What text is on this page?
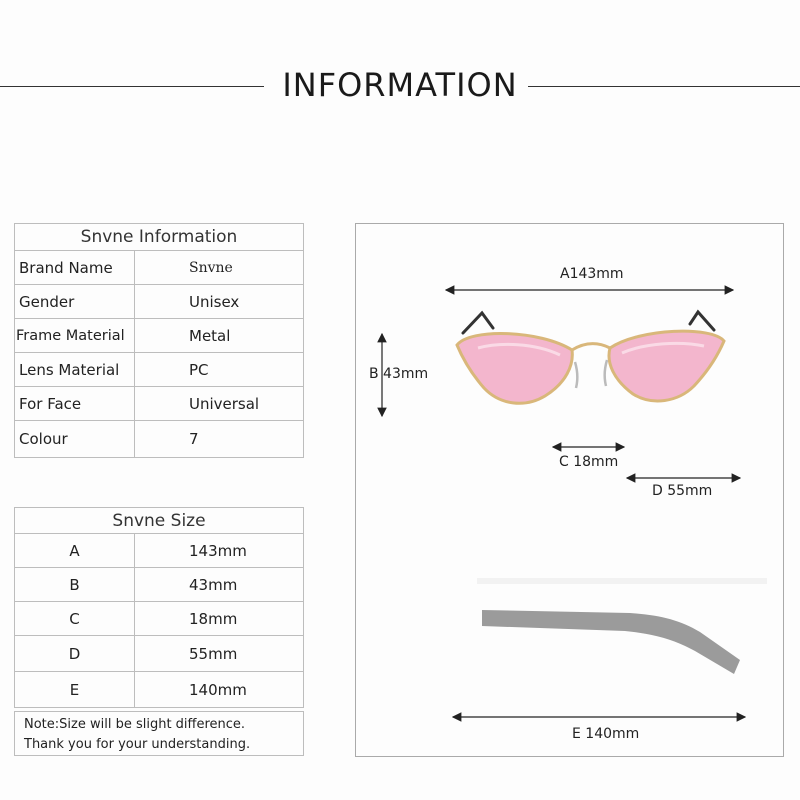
INFORMATION
Snvne Information	
Brand Name	Snvne
Gender	Unisex
Frame Material	Metal
Lens Material	PC
For Face	Universal
Colour	7
Snvne Size	
A	143mm
B	43mm
C	18mm
D	55mm
E	140mm
Note:Size will be slight difference.
Thank you for your understanding.
A143mm
B 43mm
C 18mm
D 55mm
E 140mm
